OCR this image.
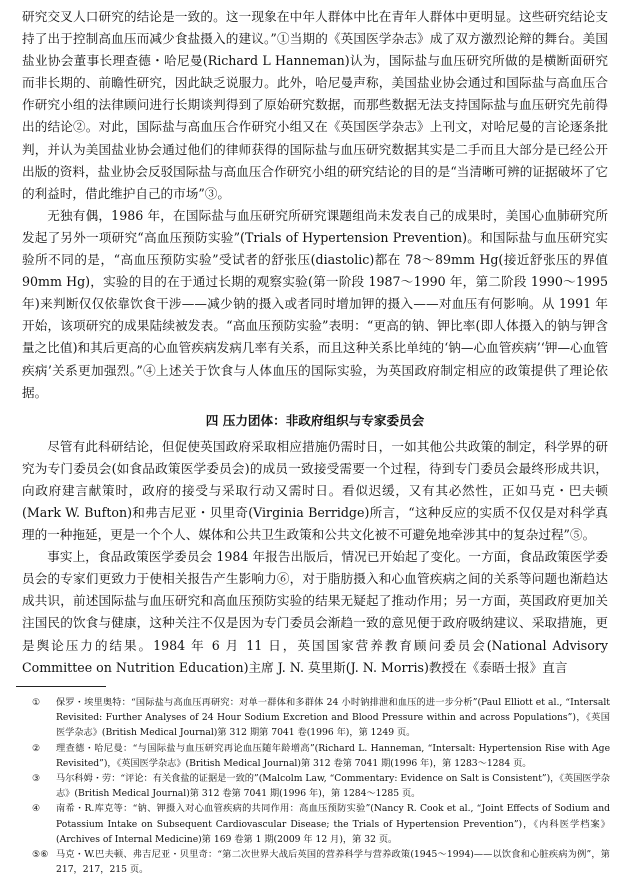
研究交叉人口研究的结论是一致的。这一现象在中年人群体中比在青年人群体中更明显。这些研究结论支持了出于控制高血压而减少食盐摄入的建议。”①当期的《英国医学杂志》成了双方激烈论辩的舞台。美国盐业协会董事长理查德・哈尼曼(Richard L Hanneman)认为，国际盐与血压研究所做的是横断面研究而非长期的、前瞻性研究，因此缺乏说服力。此外，哈尼曼声称，美国盐业协会通过和国际盐与高血压合作研究小组的法律顾问进行长期谈判得到了原始研究数据，而那些数据无法支持国际盐与血压研究先前得出的结论②。对此，国际盐与高血压合作研究小组又在《英国医学杂志》上刊文，对哈尼曼的言论逐条批判，并认为美国盐业协会通过他们的律师获得的国际盐与血压研究数据其实是二手而且大部分是已经公开出版的资料，盐业协会反驳国际盐与高血压合作研究小组的研究结论的目的是“当清晰可辨的证据破坏了它的利益时，借此维护自己的市场”③。

无独有偶，1986 年，在国际盐与血压研究所研究课题组尚未发表自己的成果时，美国心血肺研究所发起了另外一项研究“高血压预防实验”(Trials of Hypertension Prevention)。和国际盐与血压研究实验所不同的是，“高血压预防实验”受试者的舒张压(diastolic)都在 78～89mm Hg(接近舒张压的界值 90mm Hg)，实验的目的在于通过长期的观察实验(第一阶段 1987～1990 年，第二阶段 1990～1995 年)来判断仅仅依靠饮食干涉——减少钠的摄入或者同时增加钾的摄入——对血压有何影响。从 1991 年开始，该项研究的成果陆续被发表。“高血压预防实验”表明：“更高的钠、钾比率(即人体摄入的钠与钾含量之比值)和其后更高的心血管疾病发病几率有关系，而且这种关系比单纯的‘钠—心血管疾病’‘钾—心血管疾病’关系更加强烈。”④上述关于饮食与人体血压的国际实验，为英国政府制定相应的政策提供了理论依据。

四 压力团体：非政府组织与专家委员会

尽管有此科研结论，但促使英国政府采取相应措施仍需时日，一如其他公共政策的制定，科学界的研究为专门委员会(如食品政策医学委员会)的成员一致接受需要一个过程，待到专门委员会最终形成共识，向政府建言献策时，政府的接受与采取行动又需时日。看似迟缓，又有其必然性，正如马克・巴夫顿(Mark W. Bufton)和弗吉尼亚・贝里奇(Virginia Berridge)所言，“这种反应的实质不仅仅是对科学真理的一种拖延，更是一个个人、媒体和公共卫生政策和公共文化被不可避免地牵涉其中的复杂过程”⑤。

事实上，食品政策医学委员会 1984 年报告出版后，情况已开始起了变化。一方面，食品政策医学委员会的专家们更致力于使相关报告产生影响力⑥，对于脂肪摄入和心血管疾病之间的关系等问题也渐趋达成共识，前述国际盐与血压研究和高血压预防实验的结果无疑起了推动作用；另一方面，英国政府更加关注国民的饮食与健康，这种关注不仅是因为专门委员会渐趋一致的意见便于政府吸纳建议、采取措施，更是舆论压力的结果。1984 年 6 月 11 日，英国国家营养教育顾问委员会(National Advisory Committee on Nutrition Education)主席 J. N. 莫里斯(J. N. Morris)教授在《泰晤士报》直言

①	保罗・埃里奥特：“国际盐与高血压再研究：对单一群体和多群体 24 小时钠排泄和血压的进一步分析”(Paul Elliott et al., “Intersalt Revisited: Further Analyses of 24 Hour Sodium Excretion and Blood Pressure within and across Populations”)，《英国医学杂志》(British Medical Journal)第 312 期第 7041 卷(1996 年)，第 1249 页。
②	理查德・哈尼曼：“与国际盐与血压研究再论血压随年龄增高”(Richard L. Hanneman, “Intersalt: Hypertension Rise with Age Revisited”)，《英国医学杂志》(British Medical Journal)第 312 卷第 7041 期(1996 年)，第 1283～1284 页。
③	马尔科姆・劳：“评论：有关食盐的证据是一致的”(Malcolm Law, “Commentary: Evidence on Salt is Consistent”)，《英国医学杂志》(British Medical Journal)第 312 卷第 7041 期(1996 年)，第 1284～1285 页。
④	南希・R.库克等：“钠、钾摄入对心血管疾病的共同作用：高血压预防实验”(Nancy R. Cook et al., “Joint Effects of Sodium and Potassium Intake on Subsequent Cardiovascular Disease; the Trials of Hypertension Prevention”)，《内科医学档案》(Archives of Internal Medicine)第 169 卷第 1 期(2009 年 12 月)，第 32 页。
⑤⑥ 马克・W.巴夫顿、弗吉尼亚・贝里奇：“第二次世界大战后英国的营养科学与营养政策(1945～1994)——以饮食和心脏疾病为例”，第 217，217，215 页。
